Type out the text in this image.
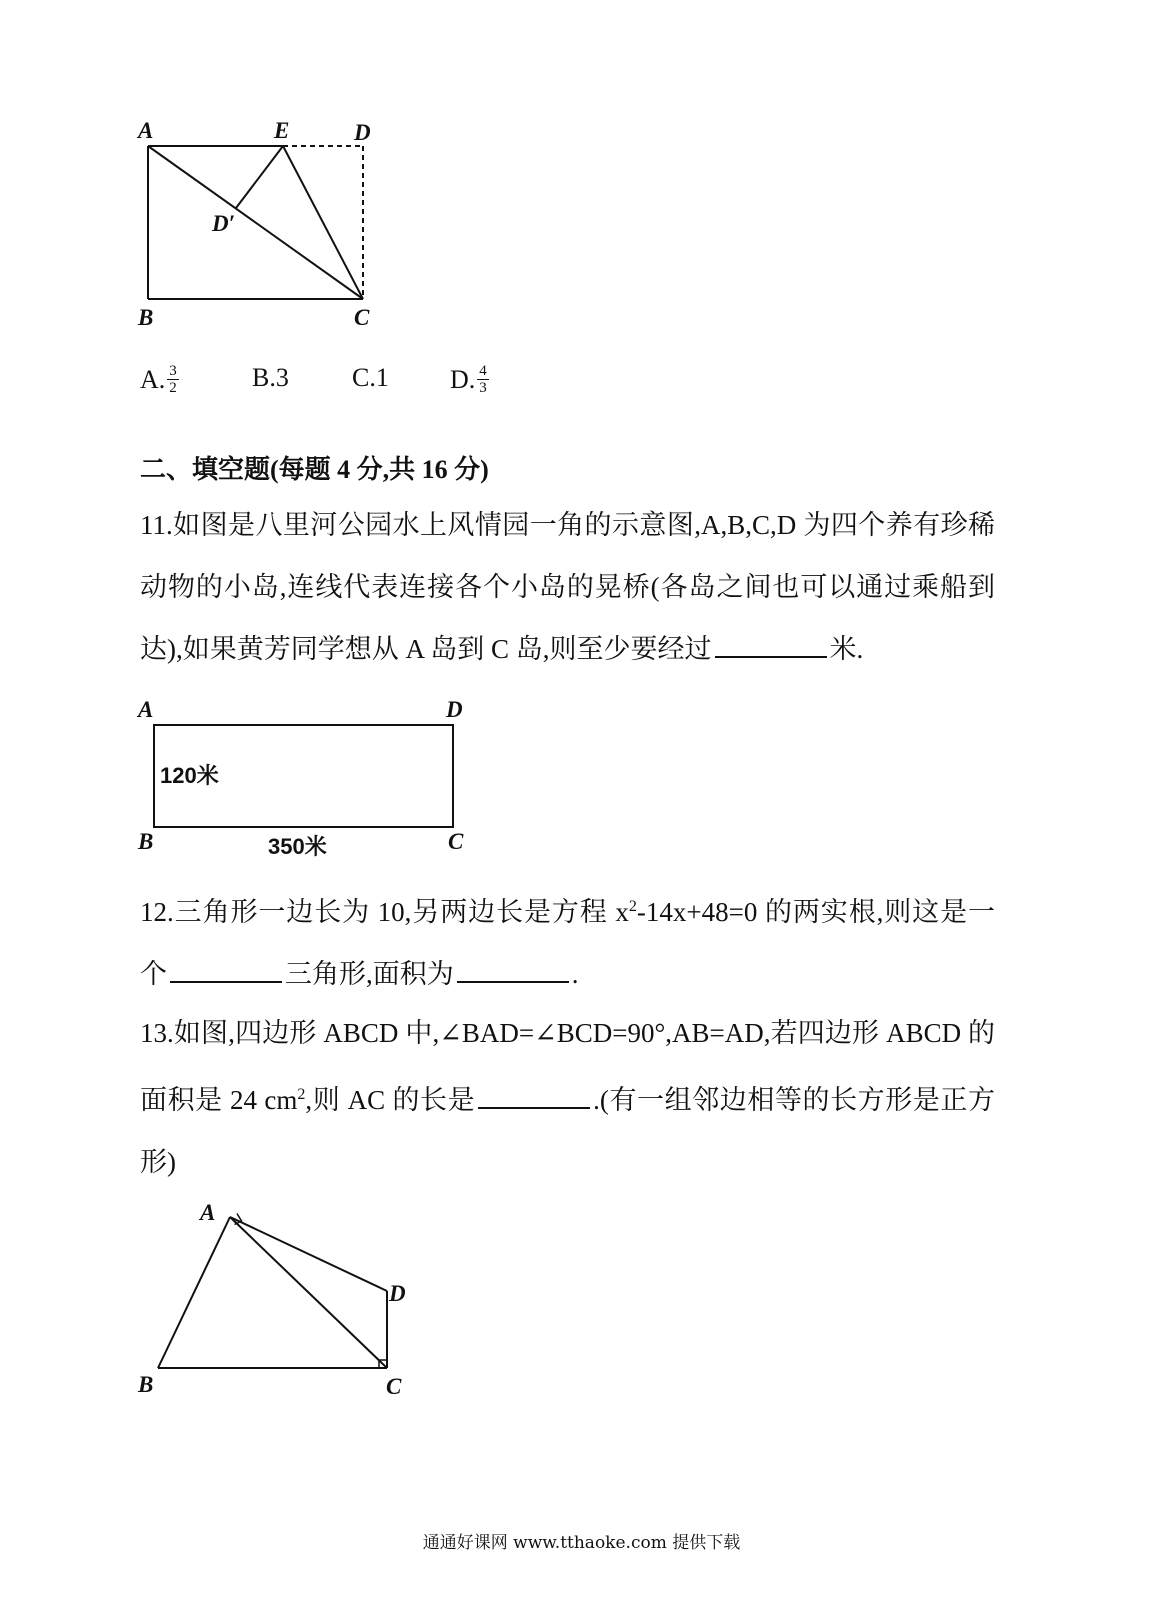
A	E	D
D′
B	C
A. $\frac{3}{2}$	B. 3 C. 1 D. $\frac{4}{3}$
二、填空题(每题 4 分,共 16 分)
11.如图是八里河公园水上风情园一角的示意图,A,B,C,D 为四个养有珍稀动物的小岛,连线代表连接各个小岛的晃桥(各岛之间也可以通过乘船到达),如果黄芳同学想从 A 岛到 C 岛,则至少要经过	米.
A	D
B	C
120米
350米
12.三角形一边长为 10,另两边长是方程 $x^2-14x+48=0$ 的两实根,则这是一个	三角形,面积为	.
13.如图,四边形 ABCD 中,∠BAD=∠BCD=90°,AB=AD,若四边形 ABCD 的面积是 24 $cm^2$,则 AC 的长是	.(有一组邻边相等的长方形是正方形)
A
D
B	C
通通好课网 www.tthaoke.com 提供下载
